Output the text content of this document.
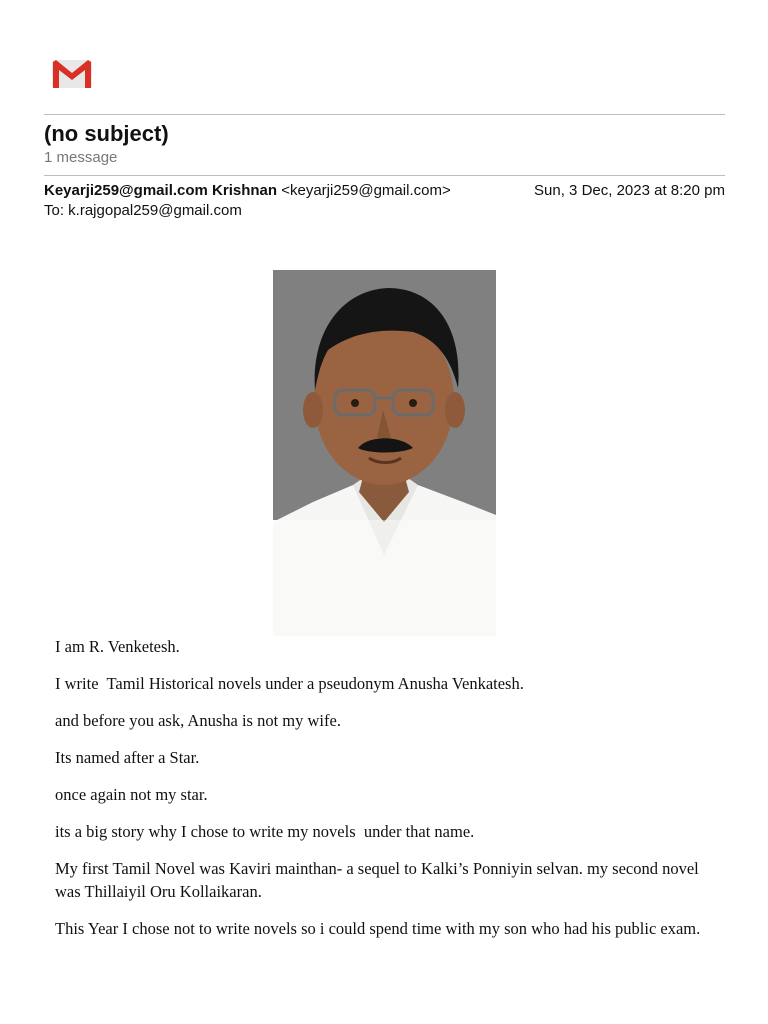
(no subject)
1 message
Keyarji259@gmail.com Krishnan <keyarji259@gmail.com>	Sun, 3 Dec, 2023 at 8:20 pm
To: k.rajgopal259@gmail.com

I am R. Venketesh.

I write  Tamil Historical novels under a pseudonym Anusha Venkatesh.

and before you ask, Anusha is not my wife.

Its named after a Star.

once again not my star.

its a big story why I chose to write my novels  under that name.

My first Tamil Novel was Kaviri mainthan- a sequel to Kalki’s Ponniyin selvan. my second novel was Thillaiyil Oru Kollaikaran.

This Year I chose not to write novels so i could spend time with my son who had his public exam.
